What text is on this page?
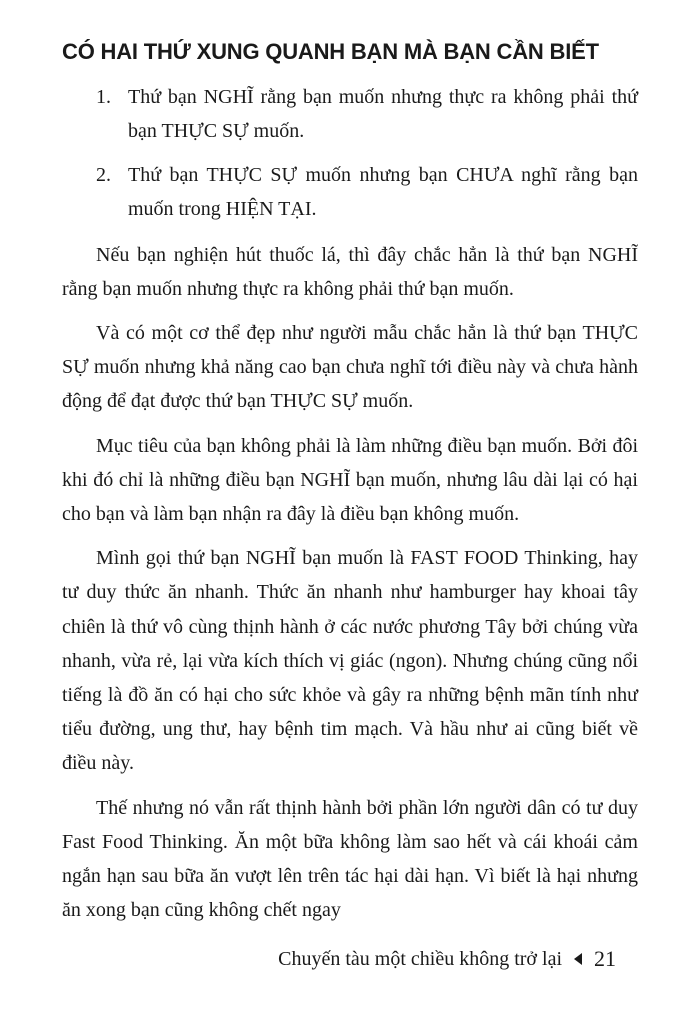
CÓ HAI THỨ XUNG QUANH BẠN MÀ BẠN CẦN BIẾT
1. Thứ bạn NGHĨ rằng bạn muốn nhưng thực ra không phải thứ bạn THỰC SỰ muốn.
2. Thứ bạn THỰC SỰ muốn nhưng bạn CHƯA nghĩ rằng bạn muốn trong HIỆN TẠI.

Nếu bạn nghiện hút thuốc lá, thì đây chắc hẳn là thứ bạn NGHĨ rằng bạn muốn nhưng thực ra không phải thứ bạn muốn.

Và có một cơ thể đẹp như người mẫu chắc hẳn là thứ bạn THỰC SỰ muốn nhưng khả năng cao bạn chưa nghĩ tới điều này và chưa hành động để đạt được thứ bạn THỰC SỰ muốn.

Mục tiêu của bạn không phải là làm những điều bạn muốn. Bởi đôi khi đó chỉ là những điều bạn NGHĨ bạn muốn, nhưng lâu dài lại có hại cho bạn và làm bạn nhận ra đây là điều bạn không muốn.

Mình gọi thứ bạn NGHĨ bạn muốn là FAST FOOD Thinking, hay tư duy thức ăn nhanh. Thức ăn nhanh như hamburger hay khoai tây chiên là thứ vô cùng thịnh hành ở các nước phương Tây bởi chúng vừa nhanh, vừa rẻ, lại vừa kích thích vị giác (ngon). Nhưng chúng cũng nổi tiếng là đồ ăn có hại cho sức khỏe và gây ra những bệnh mãn tính như tiểu đường, ung thư, hay bệnh tim mạch. Và hầu như ai cũng biết về điều này.

Thế nhưng nó vẫn rất thịnh hành bởi phần lớn người dân có tư duy Fast Food Thinking. Ăn một bữa không làm sao hết và cái khoái cảm ngắn hạn sau bữa ăn vượt lên trên tác hại dài hạn. Vì biết là hại nhưng ăn xong bạn cũng không chết ngay

Chuyến tàu một chiều không trở lại 21
